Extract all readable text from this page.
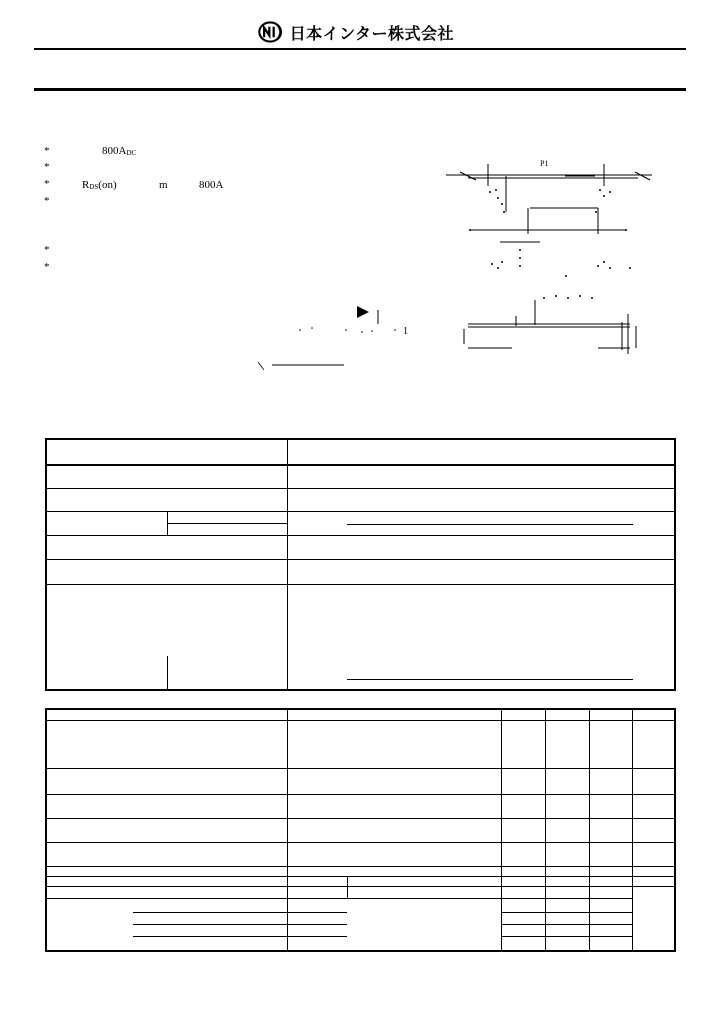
日本インター株式会社
*	800ADC
*
*	RDS(on)	m	800A
*
*
*
1
P1
